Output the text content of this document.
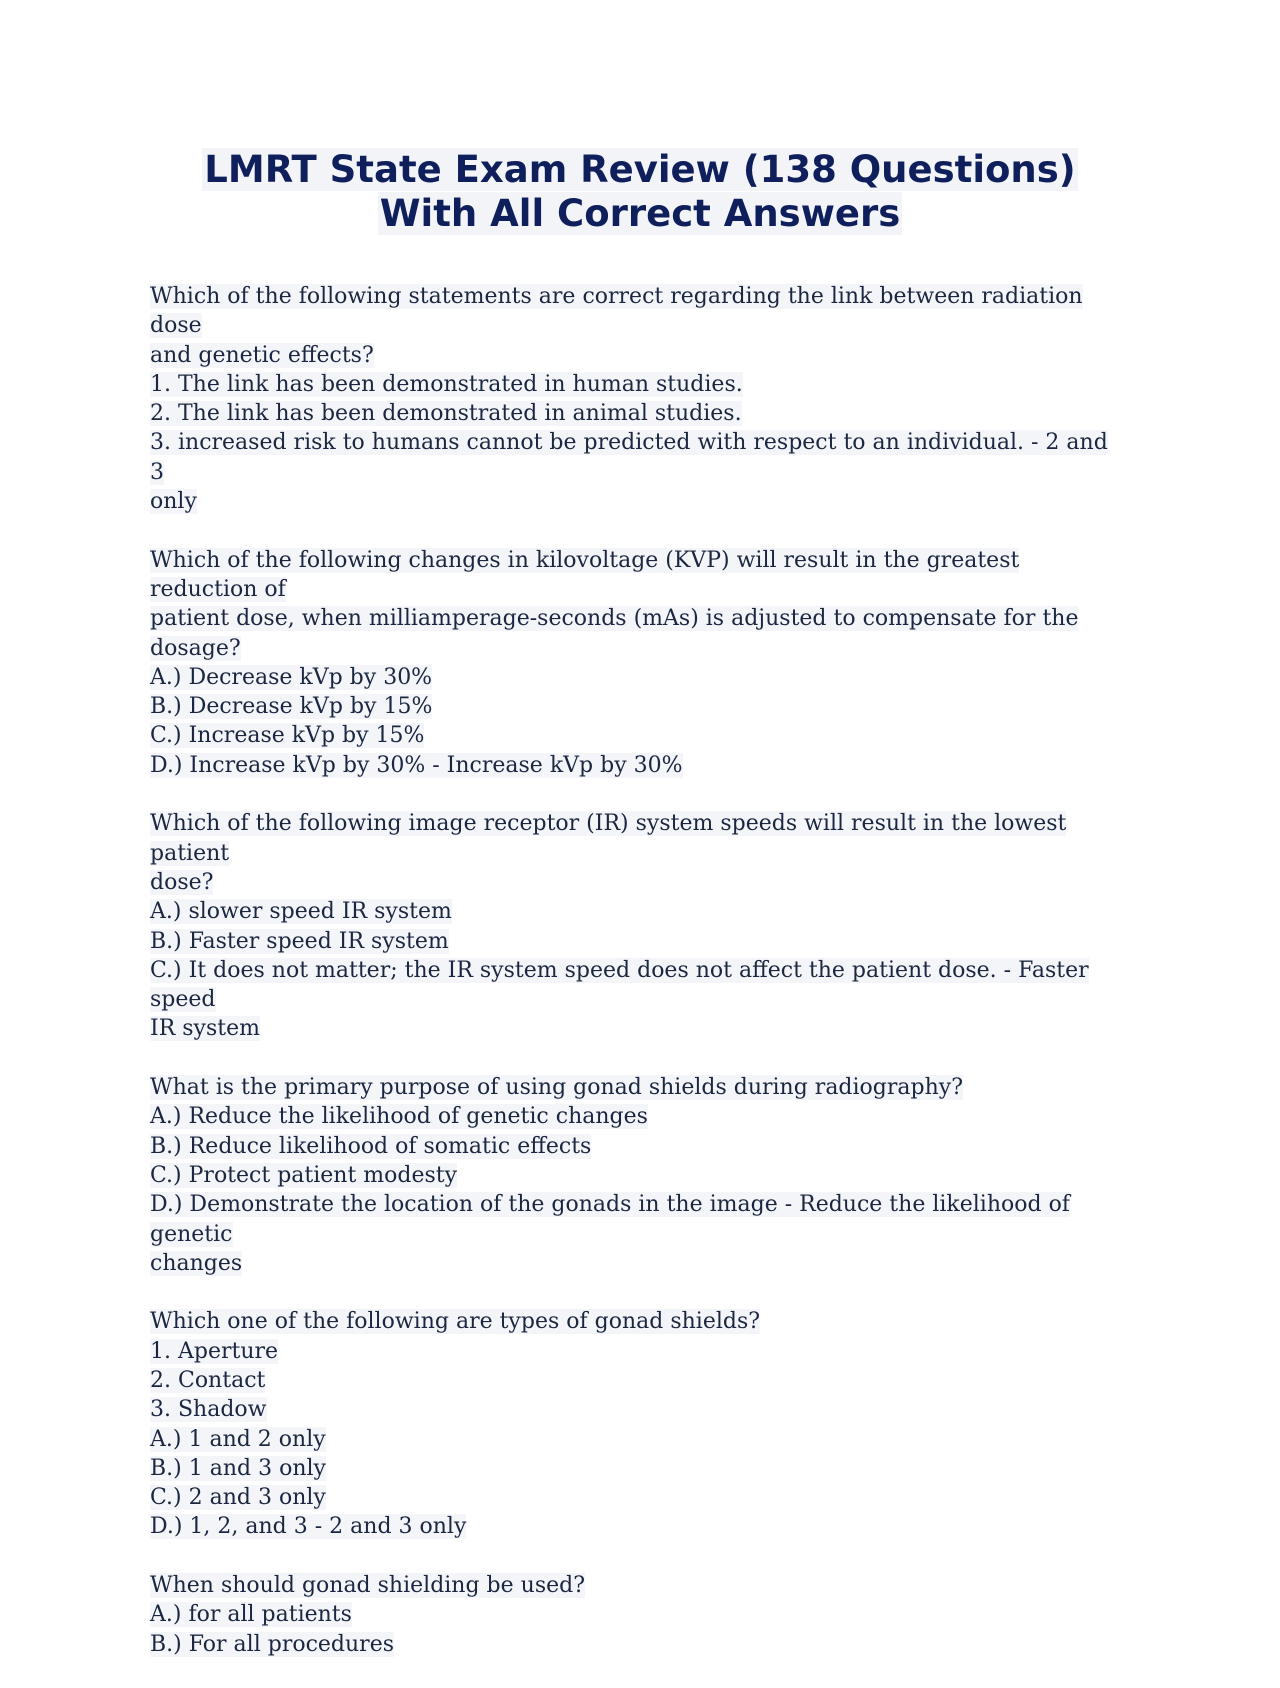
LMRT State Exam Review (138 Questions)
With All Correct Answers
Which of the following statements are correct regarding the link between radiation dose
and genetic effects?
1. The link has been demonstrated in human studies.
2. The link has been demonstrated in animal studies.
3. increased risk to humans cannot be predicted with respect to an individual. - 2 and 3
only
Which of the following changes in kilovoltage (KVP) will result in the greatest reduction of
patient dose, when milliamperage-seconds (mAs) is adjusted to compensate for the
dosage?
A.) Decrease kVp by 30%
B.) Decrease kVp by 15%
C.) Increase kVp by 15%
D.) Increase kVp by 30% - Increase kVp by 30%
Which of the following image receptor (IR) system speeds will result in the lowest patient
dose?
A.) slower speed IR system
B.) Faster speed IR system
C.) It does not matter; the IR system speed does not affect the patient dose. - Faster speed
IR system
What is the primary purpose of using gonad shields during radiography?
A.) Reduce the likelihood of genetic changes
B.) Reduce likelihood of somatic effects
C.) Protect patient modesty
D.) Demonstrate the location of the gonads in the image - Reduce the likelihood of genetic
changes
Which one of the following are types of gonad shields?
1. Aperture
2. Contact
3. Shadow
A.) 1 and 2 only
B.) 1 and 3 only
C.) 2 and 3 only
D.) 1, 2, and 3 - 2 and 3 only
When should gonad shielding be used?
A.) for all patients
B.) For all procedures
